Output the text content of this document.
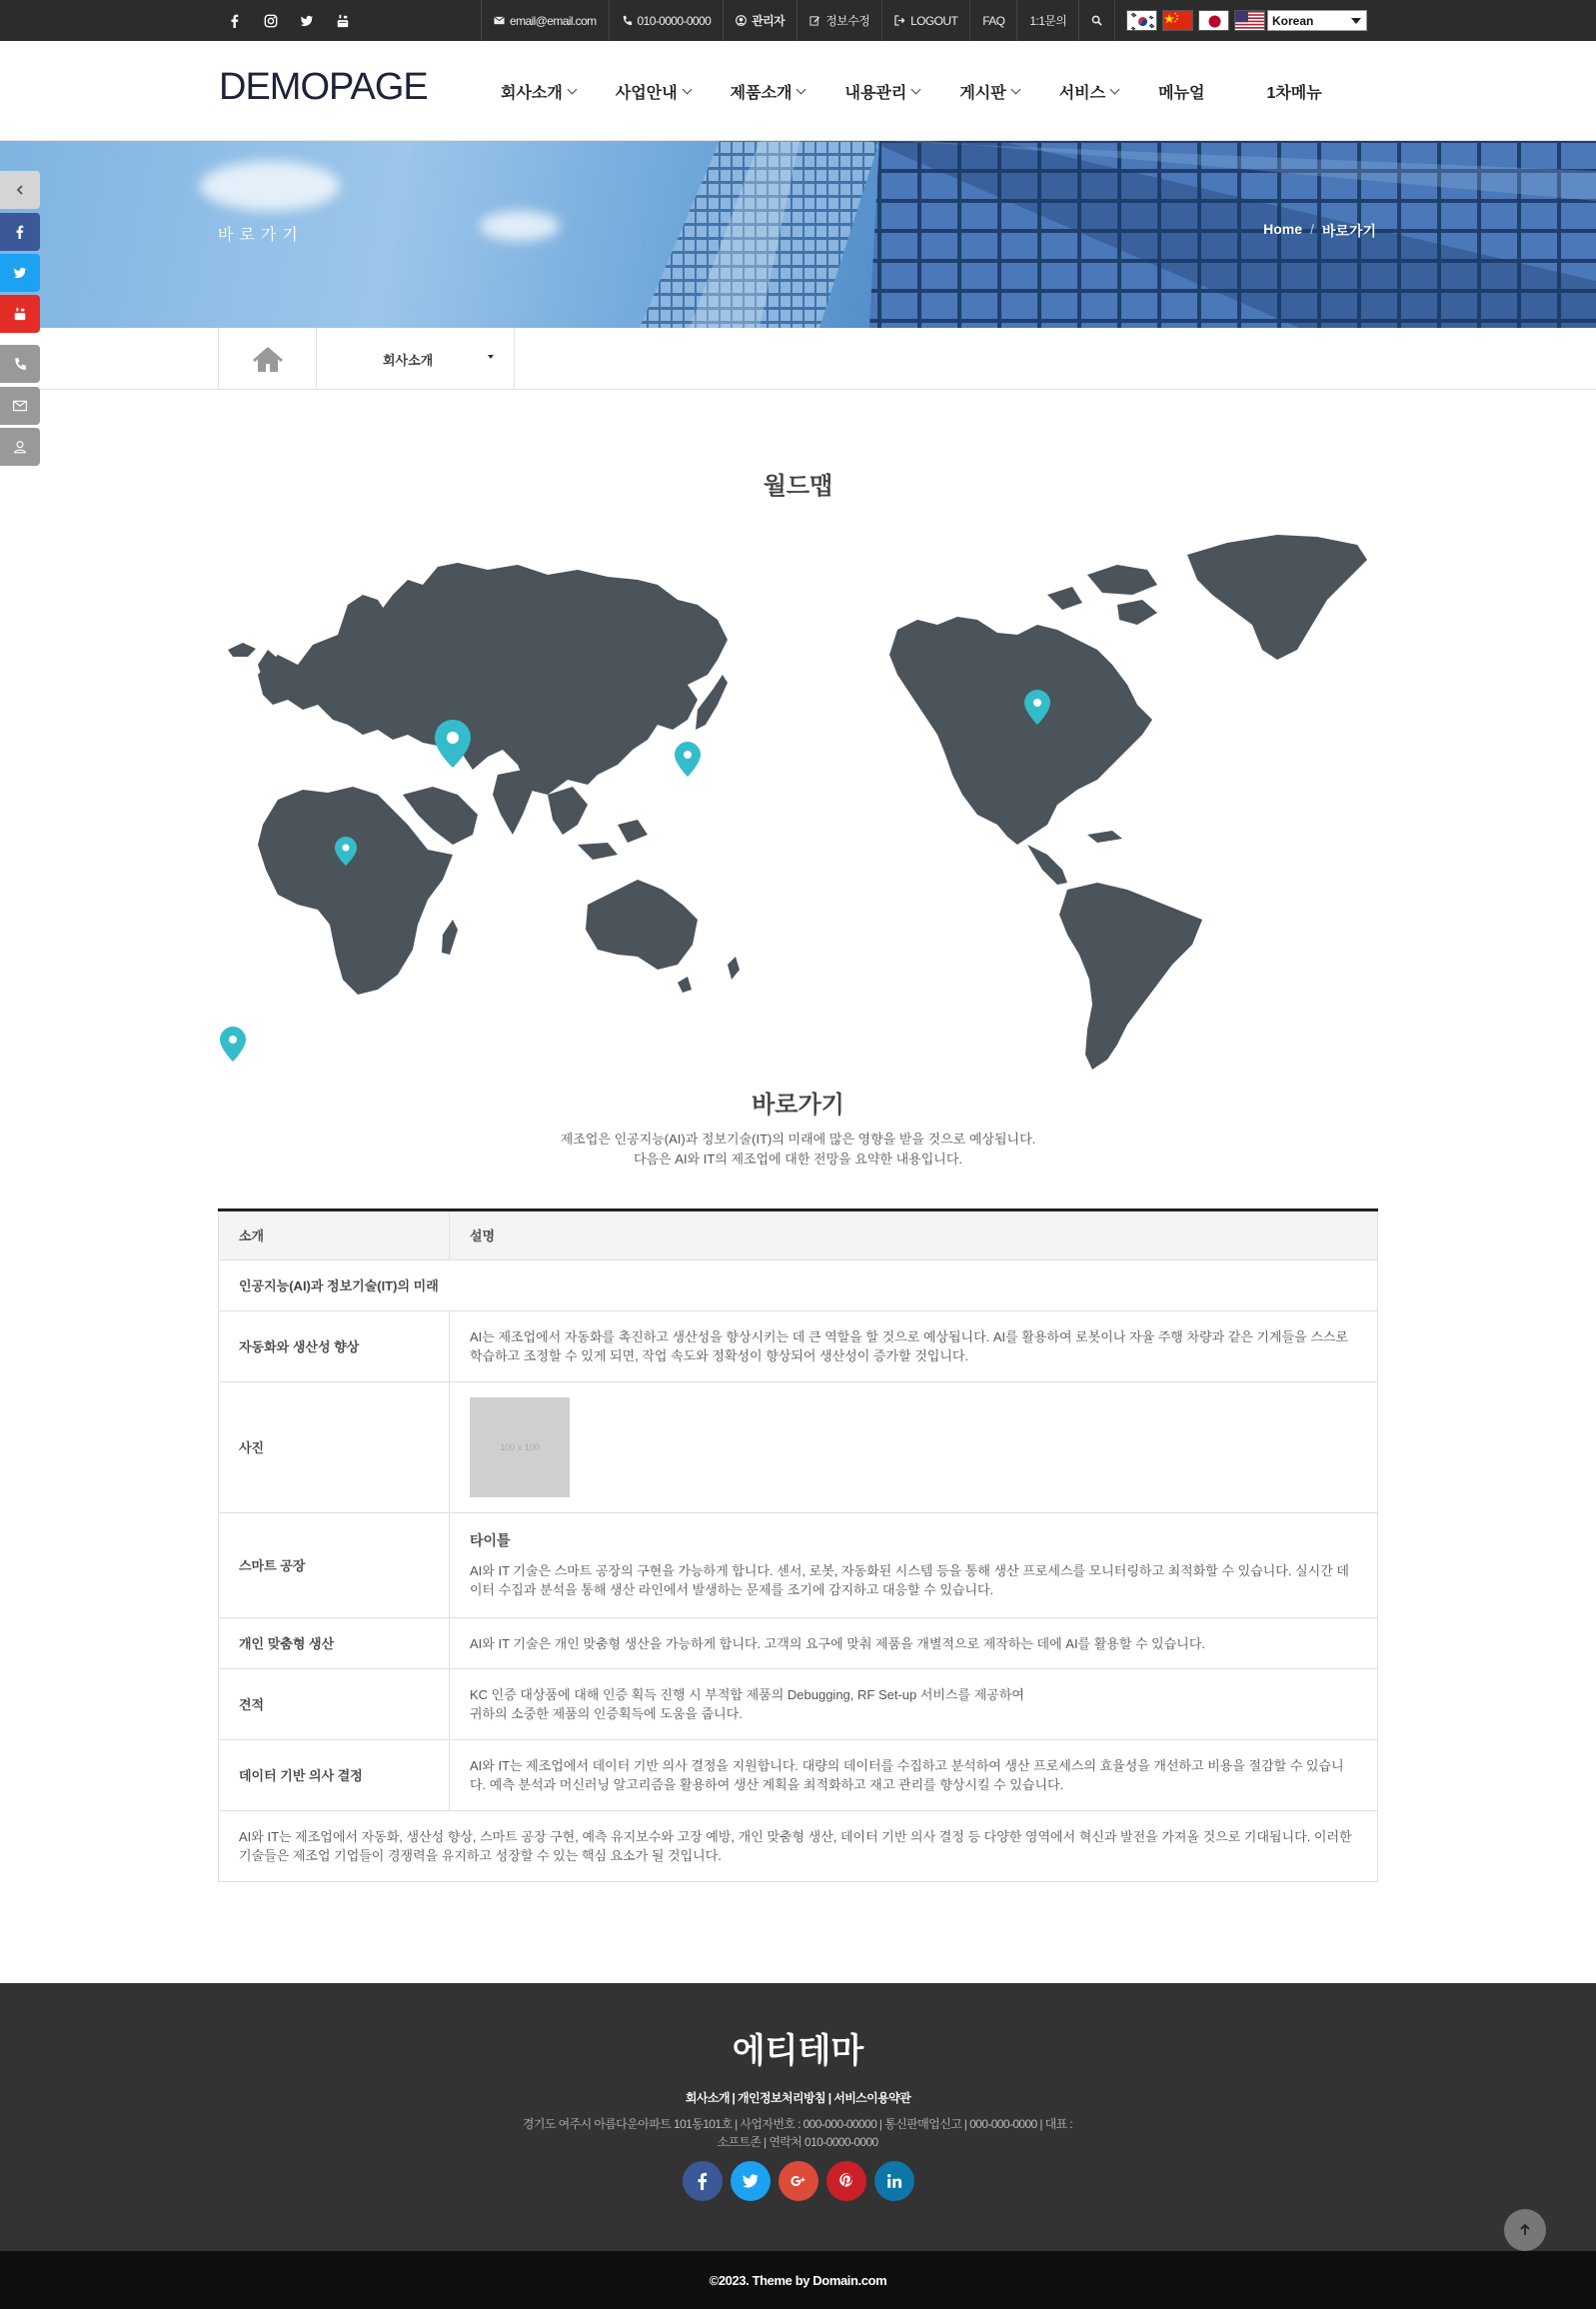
email@email.com	010-0000-0000	관리자	정보수정	LOGOUT FAQ 1:1문의	Korean
DEMOPAGE	회사소개	사업안내	제품소개	내용관리	게시판	서비스	메뉴얼	1차메뉴
바로가기	Home / 바로가기
회사소개
월드맵
바로가기
제조업은 인공지능(AI)과 정보기술(IT)의 미래에 많은 영향을 받을 것으로 예상됩니다.
다음은 AI와 IT의 제조업에 대한 전망을 요약한 내용입니다.
소개	설명
인공지능(AI)과 정보기술(IT)의 미래	
자동화와 생산성 향상	AI는 제조업에서 자동화를 촉진하고 생산성을 향상시키는 데 큰 역할을 할 것으로 예상됩니다. AI를 활용하여 로봇이나 자율 주행 차량과 같은 기계들을 스스로 학습하고 조정할 수 있게 되면, 작업 속도와 정확성이 향상되어 생산성이 증가할 것입니다.
사진	100 x 100

스마트 공장	타이틀
AI와 IT 기술은 스마트 공장의 구현을 가능하게 합니다. 센서, 로봇, 자동화된 시스템 등을 통해 생산 프로세스를 모니터링하고 최적화할 수 있습니다. 실시간 데이터 수집과 분석을 통해 생산 라인에서 발생하는 문제를 조기에 감지하고 대응할 수 있습니다.

개인 맞춤형 생산	AI와 IT 기술은 개인 맞춤형 생산을 가능하게 합니다. 고객의 요구에 맞춰 제품을 개별적으로 제작하는 데에 AI를 활용할 수 있습니다.
견적	KC 인증 대상품에 대해 인증 획득 진행 시 부적합 제품의 Debugging, RF Set-up 서비스를 제공하여
귀하의 소중한 제품의 인증획득에 도움을 줍니다.

데이터 기반 의사 결정	AI와 IT는 제조업에서 데이터 기반 의사 결정을 지원합니다. 대량의 데이터를 수집하고 분석하여 생산 프로세스의 효율성을 개선하고 비용을 절감할 수 있습니다. 예측 분석과 머신러닝 알고리즘을 활용하여 생산 계획을 최적화하고 재고 관리를 향상시킬 수 있습니다.
AI와 IT는 제조업에서 자동화, 생산성 향상, 스마트 공장 구현, 예측 유지보수와 고장 예방, 개인 맞춤형 생산, 데이터 기반 의사 결정 등 다양한 영역에서 혁신과 발전을 가져올 것으로 기대됩니다. 이러한 기술들은 제조업 기업들이 경쟁력을 유지하고 성장할 수 있는 핵심 요소가 될 것입니다.	
에티테마
회사소개 | 개인정보처리방침 | 서비스이용약관
경기도 여주시 아름다운아파트 101동101호 | 사업자번호 : 000-000-00000 | 통신판매업신고 | 000-000-0000 | 대표 : 소프트존 | 연락처 010-0000-0000
©2023. Theme by Domain.com
